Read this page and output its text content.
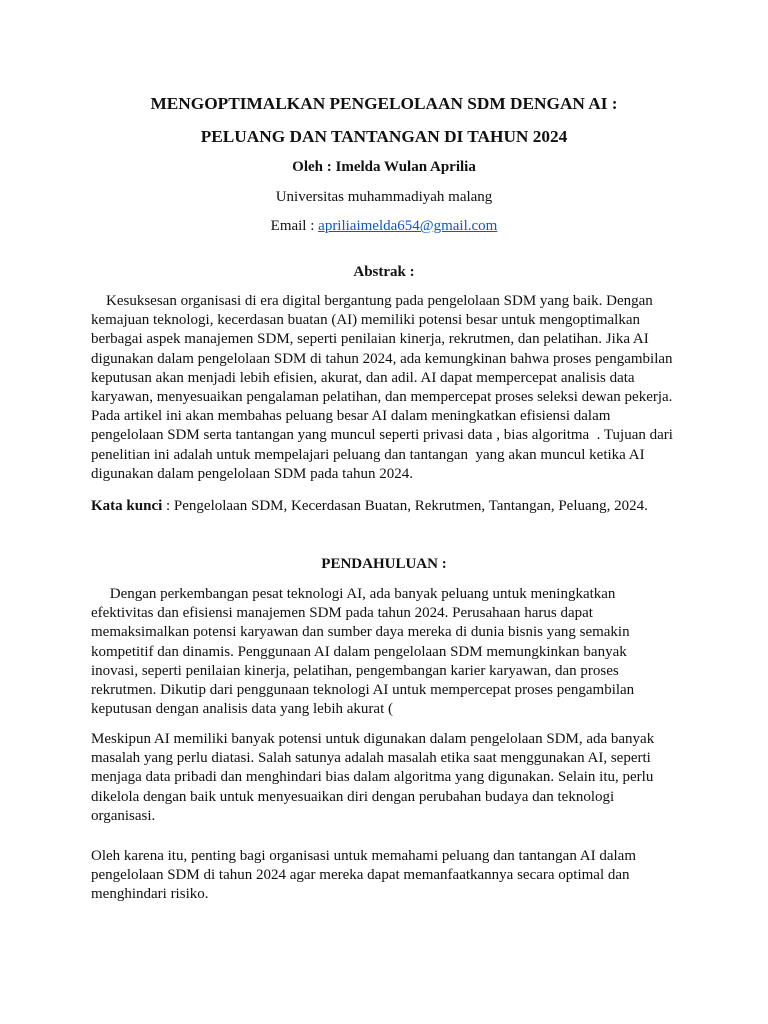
MENGOPTIMALKAN PENGELOLAAN SDM DENGAN AI :
PELUANG DAN TANTANGAN DI TAHUN 2024
Oleh : Imelda Wulan Aprilia
Universitas muhammadiyah malang
Email : apriliaimelda654@gmail.com
Abstrak :
Kesuksesan organisasi di era digital bergantung pada pengelolaan SDM yang baik. Dengan
kemajuan teknologi, kecerdasan buatan (AI) memiliki potensi besar untuk mengoptimalkan
berbagai aspek manajemen SDM, seperti penilaian kinerja, rekrutmen, dan pelatihan. Jika AI
digunakan dalam pengelolaan SDM di tahun 2024, ada kemungkinan bahwa proses pengambilan
keputusan akan menjadi lebih efisien, akurat, dan adil. AI dapat mempercepat analisis data
karyawan, menyesuaikan pengalaman pelatihan, dan mempercepat proses seleksi dewan pekerja.
Pada artikel ini akan membahas peluang besar AI dalam meningkatkan efisiensi dalam
pengelolaan SDM serta tantangan yang muncul seperti privasi data , bias algoritma  . Tujuan dari
penelitian ini adalah untuk mempelajari peluang dan tantangan  yang akan muncul ketika AI
digunakan dalam pengelolaan SDM pada tahun 2024.
Kata kunci : Pengelolaan SDM, Kecerdasan Buatan, Rekrutmen, Tantangan, Peluang, 2024.
PENDAHULUAN :
Dengan perkembangan pesat teknologi AI, ada banyak peluang untuk meningkatkan
efektivitas dan efisiensi manajemen SDM pada tahun 2024. Perusahaan harus dapat
memaksimalkan potensi karyawan dan sumber daya mereka di dunia bisnis yang semakin
kompetitif dan dinamis. Penggunaan AI dalam pengelolaan SDM memungkinkan banyak
inovasi, seperti penilaian kinerja, pelatihan, pengembangan karier karyawan, dan proses
rekrutmen. Dikutip dari penggunaan teknologi AI untuk mempercepat proses pengambilan
keputusan dengan analisis data yang lebih akurat (
Meskipun AI memiliki banyak potensi untuk digunakan dalam pengelolaan SDM, ada banyak
masalah yang perlu diatasi. Salah satunya adalah masalah etika saat menggunakan AI, seperti
menjaga data pribadi dan menghindari bias dalam algoritma yang digunakan. Selain itu, perlu
dikelola dengan baik untuk menyesuaikan diri dengan perubahan budaya dan teknologi
organisasi.
Oleh karena itu, penting bagi organisasi untuk memahami peluang dan tantangan AI dalam
pengelolaan SDM di tahun 2024 agar mereka dapat memanfaatkannya secara optimal dan
menghindari risiko.
